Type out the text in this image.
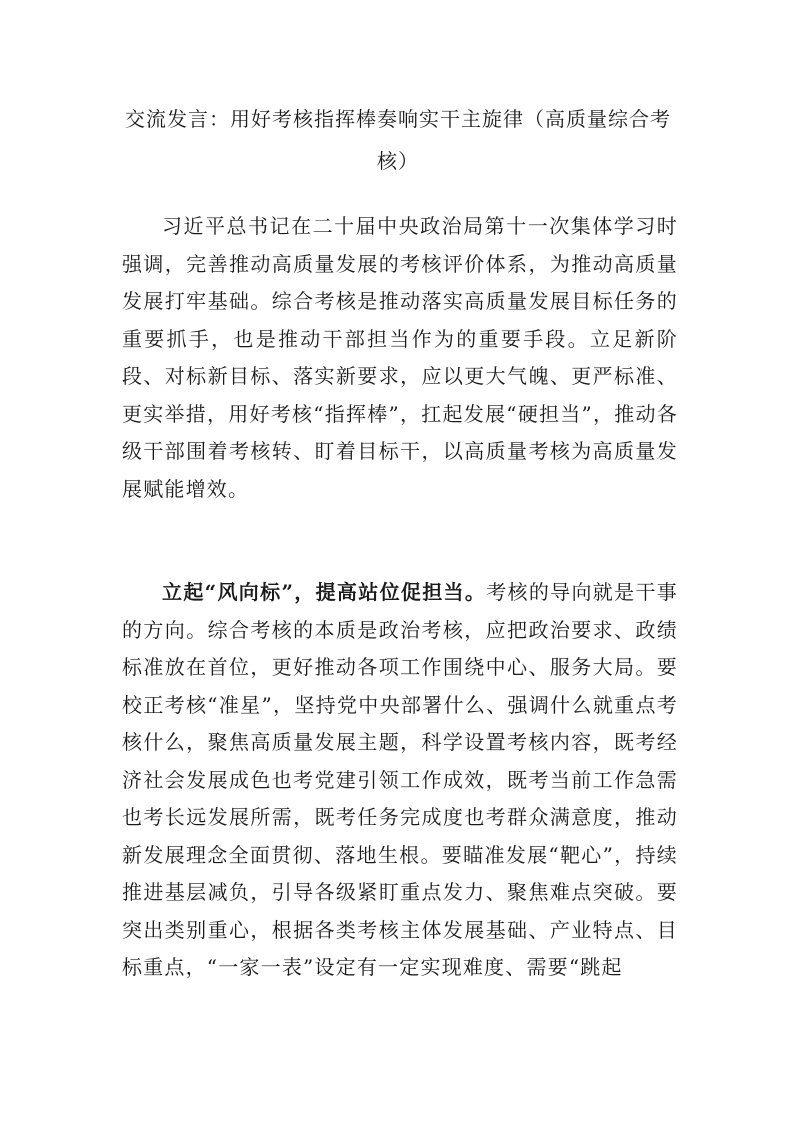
交流发言：用好考核指挥棒奏响实干主旋律（高质量综合考核）

习近平总书记在二十届中央政治局第十一次集体学习时强调，完善推动高质量发展的考核评价体系，为推动高质量发展打牢基础。综合考核是推动落实高质量发展目标任务的重要抓手，也是推动干部担当作为的重要手段。立足新阶段、对标新目标、落实新要求，应以更大气魄、更严标准、更实举措，用好考核“指挥棒”，扛起发展“硬担当”，推动各级干部围着考核转、盯着目标干，以高质量考核为高质量发展赋能增效。

立起“风向标”，提高站位促担当。考核的导向就是干事的方向。综合考核的本质是政治考核，应把政治要求、政绩标准放在首位，更好推动各项工作围绕中心、服务大局。要校正考核“准星”，坚持党中央部署什么、强调什么就重点考核什么，聚焦高质量发展主题，科学设置考核内容，既考经济社会发展成色也考党建引领工作成效，既考当前工作急需也考长远发展所需，既考任务完成度也考群众满意度，推动新发展理念全面贯彻、落地生根。要瞄准发展“靶心”，持续推进基层减负，引导各级紧盯重点发力、聚焦难点突破。要突出类别重心，根据各类考核主体发展基础、产业特点、目标重点，“一家一表”设定有一定实现难度、需要“跳起
